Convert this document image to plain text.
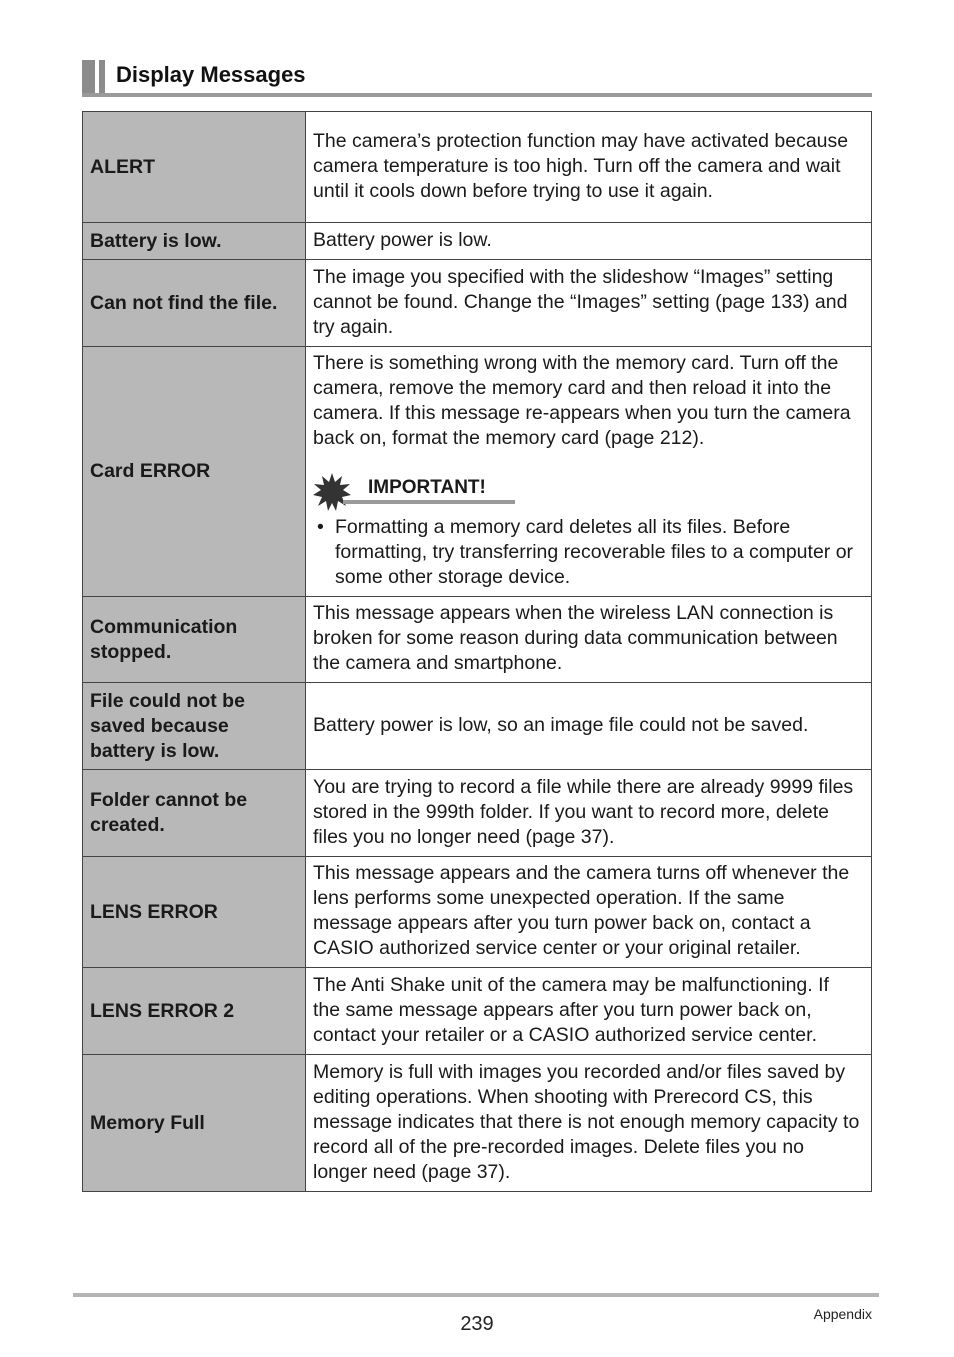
Display Messages
ALERT	The camera’s protection function may have activated because camera temperature is too high. Turn off the camera and wait until it cools down before trying to use it again.
Battery is low.	Battery power is low.
Can not find the file.	The image you specified with the slideshow “Images” setting cannot be found. Change the “Images” setting (page 133) and try again.
Card ERROR	There is something wrong with the memory card. Turn off the camera, remove the memory card and then reload it into the camera. If this message re-appears when you turn the camera back on, format the memory card (page 212).
IMPORTANT!
• Formatting a memory card deletes all its files. Before formatting, try transferring recoverable files to a computer or some other storage device.

Communication stopped.	This message appears when the wireless LAN connection is broken for some reason during data communication between the camera and smartphone.
File could not be saved because battery is low.	Battery power is low, so an image file could not be saved.
Folder cannot be created.	You are trying to record a file while there are already 9999 files stored in the 999th folder. If you want to record more, delete files you no longer need (page 37).
LENS ERROR	This message appears and the camera turns off whenever the lens performs some unexpected operation. If the same message appears after you turn power back on, contact a CASIO authorized service center or your original retailer.
LENS ERROR 2	The Anti Shake unit of the camera may be malfunctioning. If the same message appears after you turn power back on, contact your retailer or a CASIO authorized service center.
Memory Full	Memory is full with images you recorded and/or files saved by editing operations. When shooting with Prerecord CS, this message indicates that there is not enough memory capacity to record all of the pre-recorded images. Delete files you no longer need (page 37).
239	Appendix
